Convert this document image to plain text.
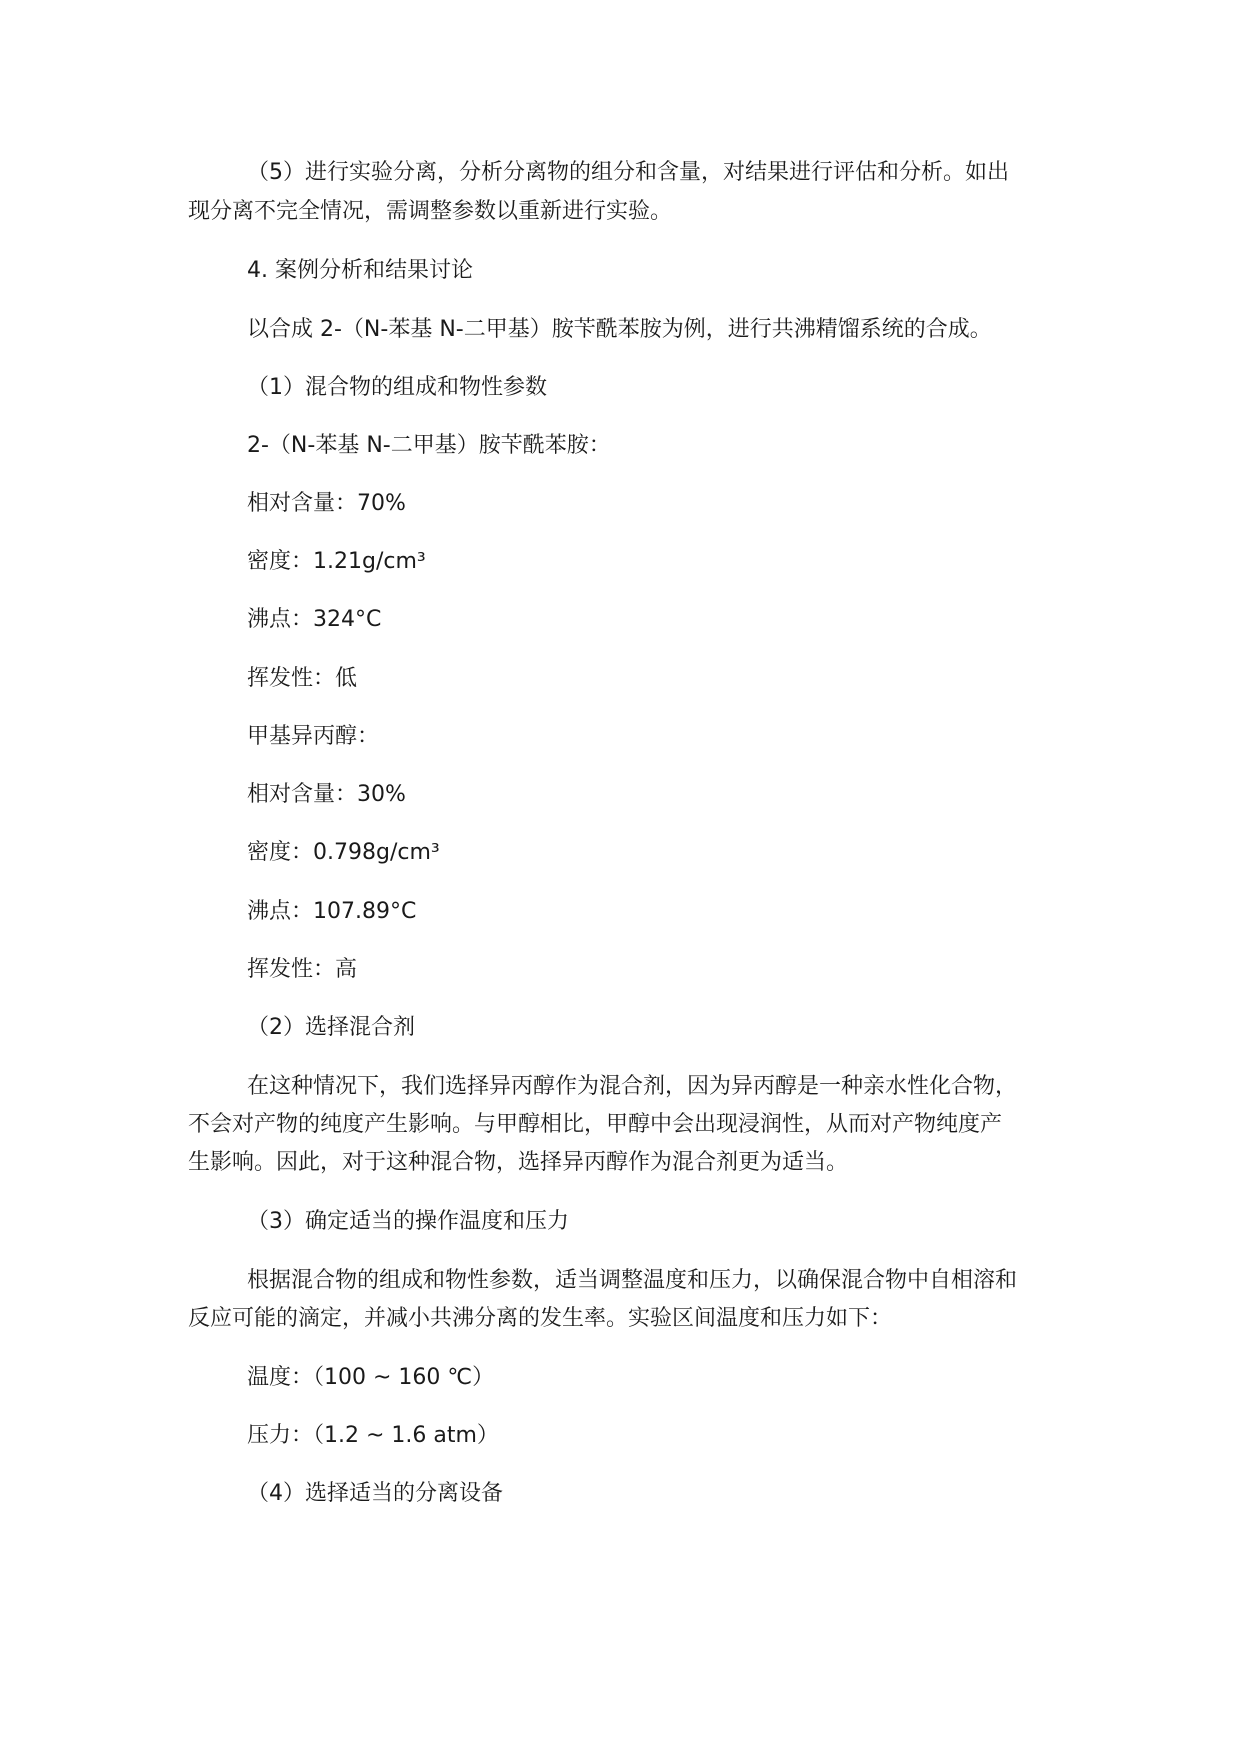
（5）进行实验分离，分析分离物的组分和含量，对结果进行评估和分析。如出

现分离不完全情况，需调整参数以重新进行实验。

4. 案例分析和结果讨论

以合成 2-（N-苯基 N-二甲基）胺苄酰苯胺为例，进行共沸精馏系统的合成。

（1）混合物的组成和物性参数

2-（N-苯基 N-二甲基）胺苄酰苯胺：

相对含量：70%

密度：1.21g/cm³

沸点：324°C

挥发性：低

甲基异丙醇：

相对含量：30%

密度：0.798g/cm³

沸点：107.89°C

挥发性：高

（2）选择混合剂

在这种情况下，我们选择异丙醇作为混合剂，因为异丙醇是一种亲水性化合物，

不会对产物的纯度产生影响。与甲醇相比，甲醇中会出现浸润性，从而对产物纯度产

生影响。因此，对于这种混合物，选择异丙醇作为混合剂更为适当。

（3）确定适当的操作温度和压力

根据混合物的组成和物性参数，适当调整温度和压力，以确保混合物中自相溶和

反应可能的滴定，并减小共沸分离的发生率。实验区间温度和压力如下：

温度：（100 ~ 160 ℃）

压力：（1.2 ~ 1.6 atm）

（4）选择适当的分离设备
